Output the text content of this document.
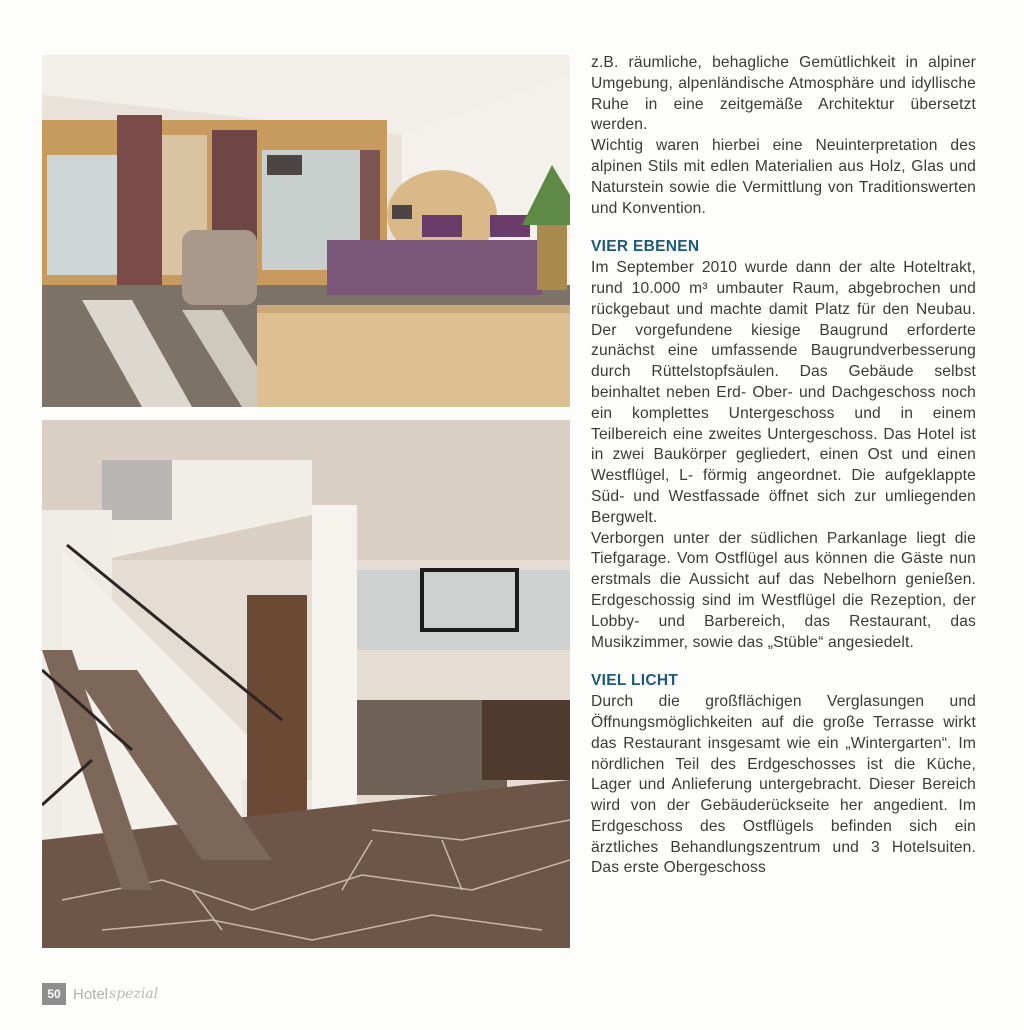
z.B. räumliche, behagliche Gemütlichkeit in alpiner Umgebung, alpenländische Atmosphäre und idyllische Ruhe in eine zeitgemäße Architektur übersetzt werden.

Wichtig waren hierbei eine Neuinterpretation des alpinen Stils mit edlen Materialien aus Holz, Glas und Naturstein sowie die Vermittlung von Traditionswerten und Konvention.

VIER EBENEN

Im September 2010 wurde dann der alte Hoteltrakt, rund 10.000 m³ umbauter Raum, abgebrochen und rückgebaut und machte damit Platz für den Neubau. Der vorgefundene kiesige Baugrund erforderte zunächst eine umfassende Baugrundverbesserung durch Rüttelstopfsäulen. Das Gebäude selbst beinhaltet neben Erd- Ober- und Dachgeschoss noch ein komplettes Untergeschoss und in einem Teilbereich eine zweites Untergeschoss. Das Hotel ist in zwei Baukörper gegliedert, einen Ost und einen Westflügel, L- förmig angeordnet. Die aufgeklappte Süd- und Westfassade öffnet sich zur umliegenden Bergwelt.

Verborgen unter der südlichen Parkanlage liegt die Tiefgarage. Vom Ostflügel aus können die Gäste nun erstmals die Aussicht auf das Nebelhorn genießen. Erdgeschossig sind im Westflügel die Rezeption, der Lobby- und Barbereich, das Restaurant, das Musikzimmer, sowie das „Stüble“ angesiedelt.

VIEL LICHT

Durch die großflächigen Verglasungen und Öffnungsmöglichkeiten auf die große Terrasse wirkt das Restaurant insgesamt wie ein „Wintergarten“. Im nördlichen Teil des Erdgeschosses ist die Küche, Lager und Anlieferung untergebracht. Dieser Bereich wird von der Gebäuderückseite her angedient. Im Erdgeschoss des Ostflügels befinden sich ein ärztliches Behandlungszentrum und 3 Hotelsuiten. Das erste Obergeschoss

50 Hotel spezial
